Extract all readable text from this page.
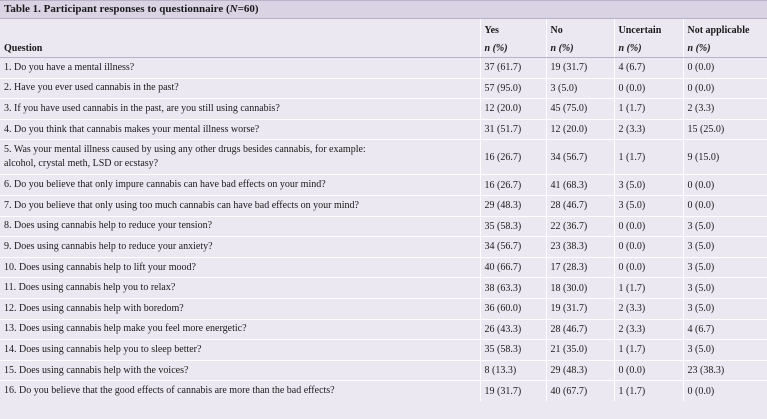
Table 1. Participant responses to questionnaire (N=60)
	Yes	No	Uncertain	Not applicable
Question	n (%)	n (%)	n (%)	n (%)

1. Do you have a mental illness?	37 (61.7)	19 (31.7)	4 (6.7)	0 (0.0)

2. Have you ever used cannabis in the past?	57 (95.0)	3 (5.0)	0 (0.0)	0 (0.0)

3. If you have used cannabis in the past, are you still using cannabis?	12 (20.0)	45 (75.0)	1 (1.7)	2 (3.3)

4. Do you think that cannabis makes your mental illness worse?	31 (51.7)	12 (20.0)	2 (3.3)	15 (25.0)

5. Was your mental illness caused by using any other drugs besides cannabis, for example:
alcohol, crystal meth, LSD or ecstasy?	16 (26.7)	34 (56.7)	1 (1.7)	9 (15.0)

6. Do you believe that only impure cannabis can have bad effects on your mind?	16 (26.7)	41 (68.3)	3 (5.0)	0 (0.0)

7. Do you believe that only using too much cannabis can have bad effects on your mind?	29 (48.3)	28 (46.7)	3 (5.0)	0 (0.0)

8. Does using cannabis help to reduce your tension?	35 (58.3)	22 (36.7)	0 (0.0)	3 (5.0)

9. Does using cannabis help to reduce your anxiety?	34 (56.7)	23 (38.3)	0 (0.0)	3 (5.0)

10. Does using cannabis help to lift your mood?	40 (66.7)	17 (28.3)	0 (0.0)	3 (5.0)

11. Does using cannabis help you to relax?	38 (63.3)	18 (30.0)	1 (1.7)	3 (5.0)

12. Does using cannabis help with boredom?	36 (60.0)	19 (31.7)	2 (3.3)	3 (5.0)

13. Does using cannabis help make you feel more energetic?	26 (43.3)	28 (46.7)	2 (3.3)	4 (6.7)

14. Does using cannabis help you to sleep better?	35 (58.3)	21 (35.0)	1 (1.7)	3 (5.0)

15. Does using cannabis help with the voices?	8 (13.3)	29 (48.3)	0 (0.0)	23 (38.3)

16. Do you believe that the good effects of cannabis are more than the bad effects?	19 (31.7)	40 (67.7)	1 (1.7)	0 (0.0)
